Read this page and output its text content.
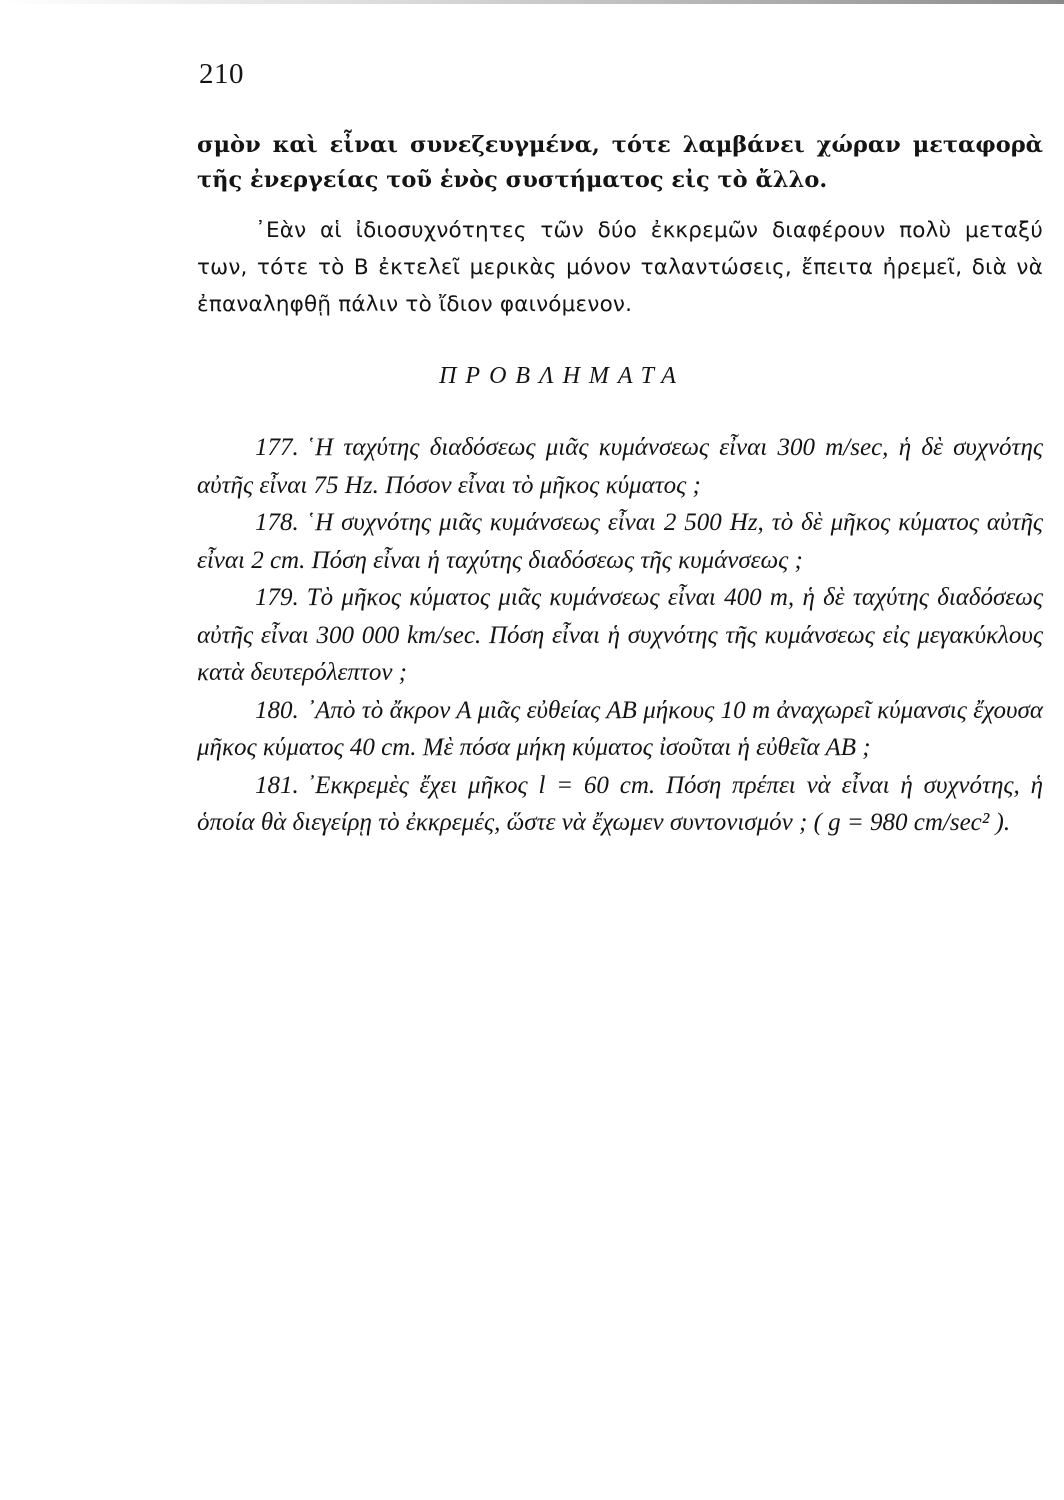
210

σμὸν καὶ εἶναι συνεζευγμένα, τότε λαμβάνει χώραν μεταφορὰ τῆς ἐνεργείας τοῦ ἑνὸς συστήματος εἰς τὸ ἄλλο.

᾿Εὰν αἱ ἰδιοσυχνότητες τῶν δύο ἐκκρεμῶν διαφέρουν πολὺ μεταξύ των, τότε τὸ Β ἐκτελεῖ μερικὰς μόνον ταλαντώσεις, ἔπειτα ἠρεμεῖ, διὰ νὰ ἐπαναληφθῇ πάλιν τὸ ἴδιον φαινόμενον.

ΠΡΟΒΛΗΜΑΤΑ

177. ῾Η ταχύτης διαδόσεως μιᾶς κυμάνσεως εἶναι 300 m/sec, ἡ δὲ συχνότης αὐτῆς εἶναι 75 Hz. Πόσον εἶναι τὸ μῆκος κύματος ;

178. ῾Η συχνότης μιᾶς κυμάνσεως εἶναι 2 500 Hz, τὸ δὲ μῆκος κύματος αὐτῆς εἶναι 2 cm. Πόση εἶναι ἡ ταχύτης διαδόσεως τῆς κυμάνσεως ;

179. Τὸ μῆκος κύματος μιᾶς κυμάνσεως εἶναι 400 m, ἡ δὲ ταχύτης διαδόσεως αὐτῆς εἶναι 300 000 km/sec. Πόση εἶναι ἡ συχνότης τῆς κυμάνσεως εἰς μεγακύκλους κατὰ δευτερόλεπτον ;

180. ᾿Απὸ τὸ ἄκρον Α μιᾶς εὐθείας ΑΒ μήκους 10 m ἀναχωρεῖ κύμανσις ἔχουσα μῆκος κύματος 40 cm. Μὲ πόσα μήκη κύματος ἰσοῦται ἡ εὐθεῖα ΑΒ ;

181. ᾿Εκκρεμὲς ἔχει μῆκος l = 60 cm. Πόση πρέπει νὰ εἶναι ἡ συχνότης, ἡ ὁποία θὰ διεγείρῃ τὸ ἐκκρεμές, ὥστε νὰ ἔχωμεν συντονισμόν ; ( g = 980 cm/sec² ).
